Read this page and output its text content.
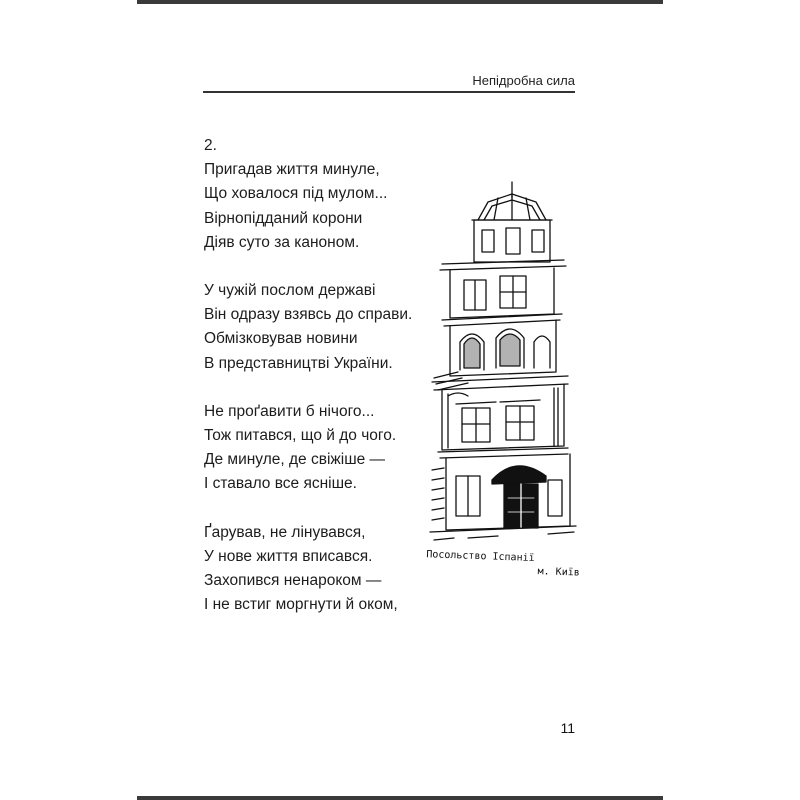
Непідробна сила

2.

Пригадав життя минуле,
Що ховалося під мулом...
Вірнопідданий корони
Діяв суто за каноном.

У чужій послом державі
Він одразу взявсь до справи.
Обмізковував новини
В представництві України.

Не проґавити б нічого...
Тож питався, що й до чого.
Де минуле, де свіжіше —
І ставало все ясніше.

Ґарував, не лінувався,
У нове життя вписався.
Захопився ненароком —
І не встиг моргнути й оком,

Посольство Іспанії
м. Київ
11
